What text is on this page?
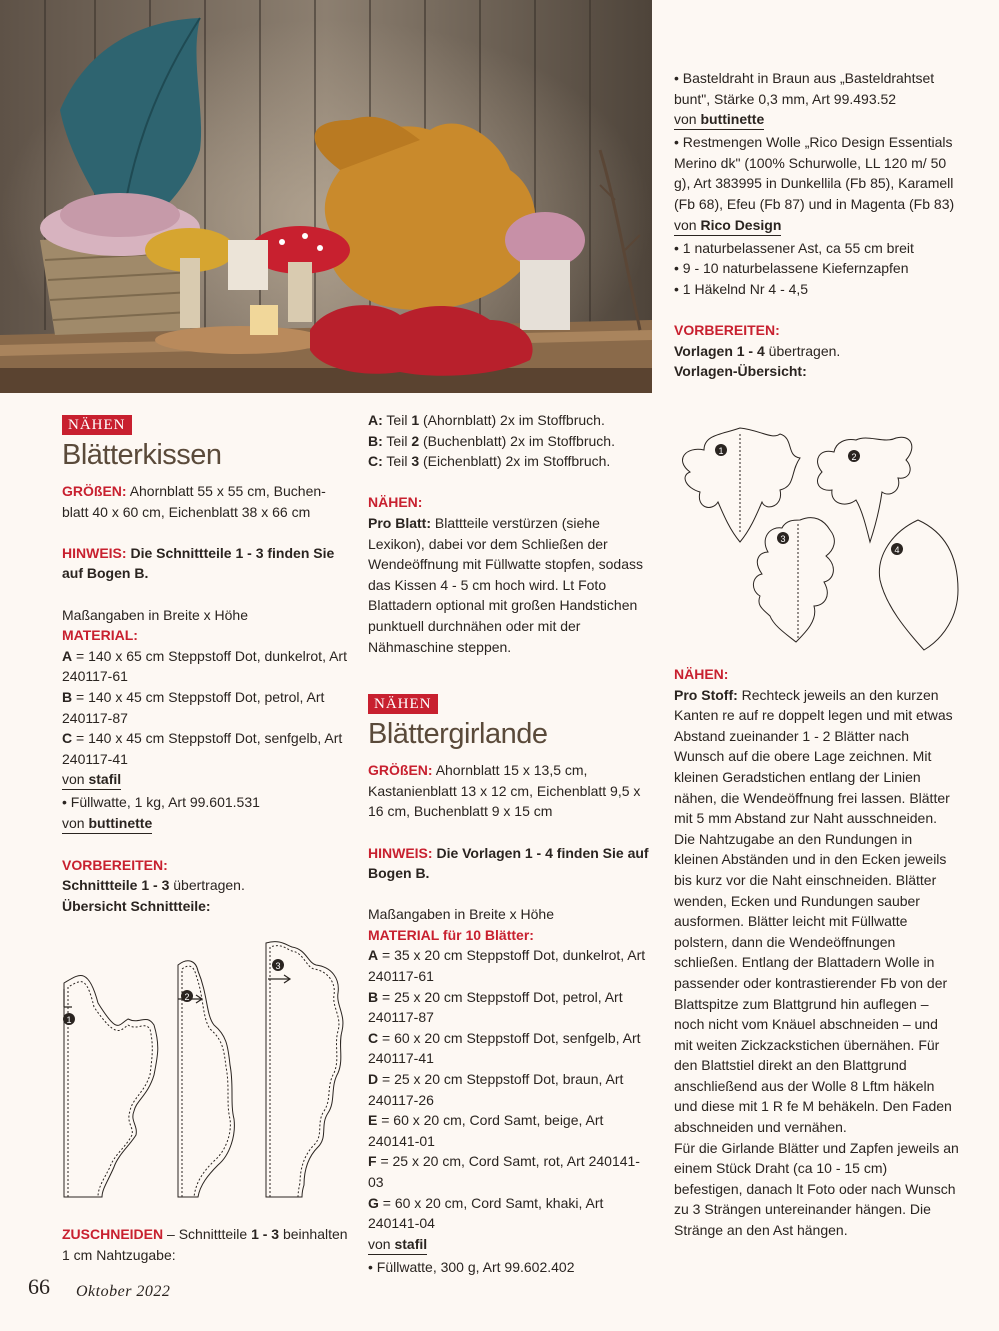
NÄHEN
Blätterkissen

GRÖßEN: Ahornblatt 55 x 55 cm, Buchen-blatt 40 x 60 cm, Eichenblatt 38 x 66 cm

HINWEIS: Die Schnittteile 1 - 3 finden Sie auf Bogen B.

Maßangaben in Breite x Höhe

MATERIAL:

A = 140 x 65 cm Steppstoff Dot, dunkelrot, Art 240117-61

B = 140 x 45 cm Steppstoff Dot, petrol, Art 240117-87

C = 140 x 45 cm Steppstoff Dot, senfgelb, Art 240117-41

von stafil

• Füllwatte, 1 kg, Art 99.601.531

von buttinette

VORBEREITEN:

Schnittteile 1 - 3 übertragen.

Übersicht Schnittteile:

1
2
3

ZUSCHNEIDEN – Schnittteile 1 - 3 beinhalten 1 cm Nahtzugabe:

A: Teil 1 (Ahornblatt) 2x im Stoffbruch.

B: Teil 2 (Buchenblatt) 2x im Stoffbruch.

C: Teil 3 (Eichenblatt) 2x im Stoffbruch.

NÄHEN:

Pro Blatt: Blattteile verstürzen (siehe Lexikon), dabei vor dem Schließen der Wendeöffnung mit Füllwatte stopfen, sodass das Kissen 4 - 5 cm hoch wird. Lt Foto Blattadern optional mit großen Handstichen punktuell durchnähen oder mit der Nähmaschine steppen.

NÄHEN
Blättergirlande

GRÖßEN: Ahornblatt 15 x 13,5 cm, Kastanienblatt 13 x 12 cm, Eichenblatt 9,5 x 16 cm, Buchenblatt 9 x 15 cm

HINWEIS: Die Vorlagen 1 - 4 finden Sie auf Bogen B.

Maßangaben in Breite x Höhe

MATERIAL für 10 Blätter:

A = 35 x 20 cm Steppstoff Dot, dunkelrot, Art 240117-61

B = 25 x 20 cm Steppstoff Dot, petrol, Art 240117-87

C = 60 x 20 cm Steppstoff Dot, senfgelb, Art 240117-41

D = 25 x 20 cm Steppstoff Dot, braun, Art 240117-26

E = 60 x 20 cm, Cord Samt, beige, Art 240141-01

F = 25 x 20 cm, Cord Samt, rot, Art 240141-03

G = 60 x 20 cm, Cord Samt, khaki, Art 240141-04

von stafil

• Füllwatte, 300 g, Art 99.602.402

• Basteldraht in Braun aus „Basteldrahtset bunt", Stärke 0,3 mm, Art 99.493.52

von buttinette

• Restmengen Wolle „Rico Design Essentials Merino dk" (100% Schurwolle, LL 120 m/ 50 g), Art 383995 in Dunkellila (Fb 85), Karamell (Fb 68), Efeu (Fb 87) und in Magenta (Fb 83)

von Rico Design

• 1 naturbelassener Ast, ca 55 cm breit

• 9 - 10 naturbelassene Kiefernzapfen

• 1 Häkelnd Nr 4 - 4,5

VORBEREITEN:

Vorlagen 1 - 4 übertragen.

Vorlagen-Übersicht:

1
2
3
4

NÄHEN:

Pro Stoff: Rechteck jeweils an den kurzen Kanten re auf re doppelt legen und mit etwas Abstand zueinander 1 - 2 Blätter nach Wunsch auf die obere Lage zeichnen. Mit kleinen Geradstichen entlang der Linien nähen, die Wendeöffnung frei lassen. Blätter mit 5 mm Abstand zur Naht ausschneiden. Die Nahtzugabe an den Rundungen in kleinen Abständen und in den Ecken jeweils bis kurz vor die Naht einschneiden. Blätter wenden, Ecken und Rundungen sauber ausformen. Blätter leicht mit Füllwatte polstern, dann die Wendeöffnungen schließen. Entlang der Blattadern Wolle in passender oder kontrastierender Fb von der Blattspitze zum Blattgrund hin auflegen – noch nicht vom Knäuel abschneiden – und mit weiten Zickzackstichen übernähen. Für den Blattstiel direkt an den Blattgrund anschließend aus der Wolle 8 Lftm häkeln und diese mit 1 R fe M behäkeln. Den Faden abschneiden und vernähen.

Für die Girlande Blätter und Zapfen jeweils an einem Stück Draht (ca 10 - 15 cm) befestigen, danach lt Foto oder nach Wunsch zu 3 Strängen untereinander hängen. Die Stränge an den Ast hängen.

66 Oktober 2022
